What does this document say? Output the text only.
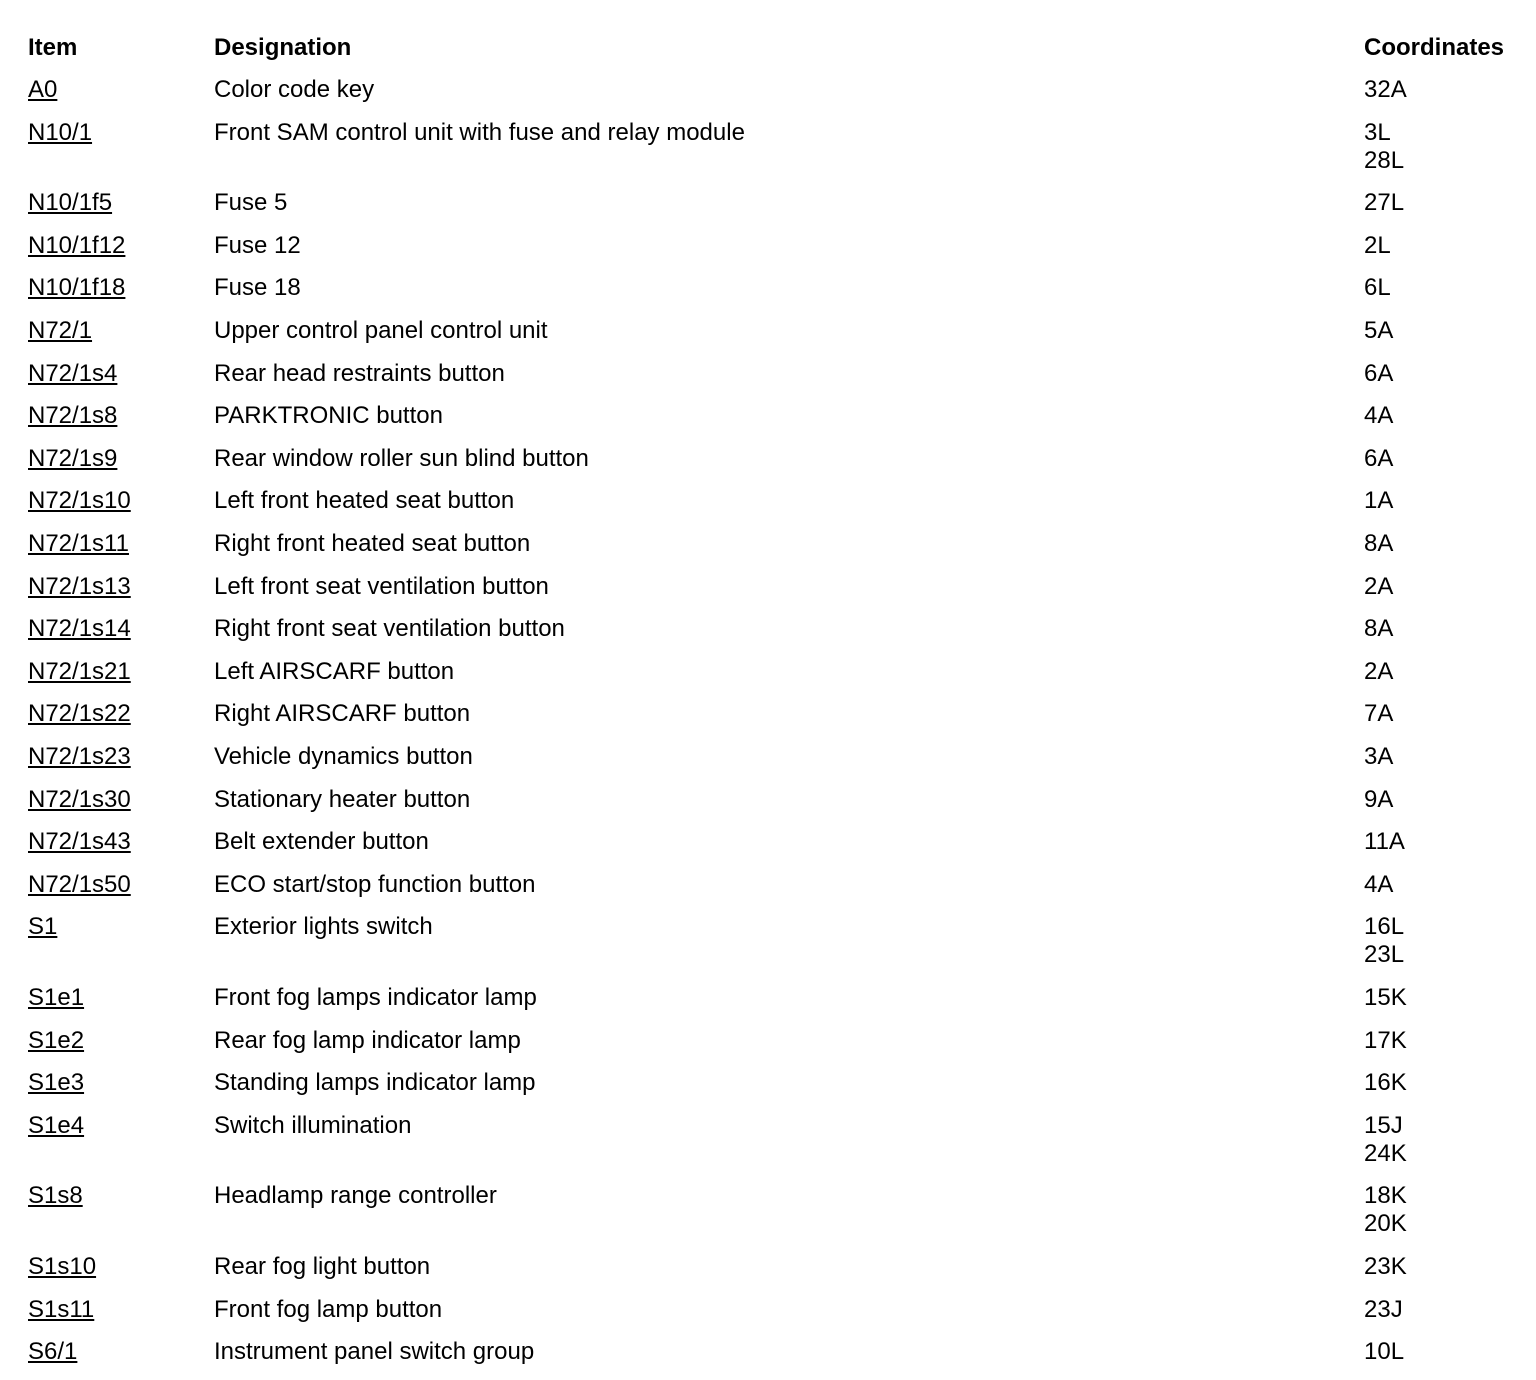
Item	Designation	Coordinates
A0	Color code key	32A
N10/1	Front SAM control unit with fuse and relay module	3L
28L
N10/1f5	Fuse 5	27L
N10/1f12	Fuse 12	2L
N10/1f18	Fuse 18	6L
N72/1	Upper control panel control unit	5A
N72/1s4	Rear head restraints button	6A
N72/1s8	PARKTRONIC button	4A
N72/1s9	Rear window roller sun blind button	6A
N72/1s10	Left front heated seat button	1A
N72/1s11	Right front heated seat button	8A
N72/1s13	Left front seat ventilation button	2A
N72/1s14	Right front seat ventilation button	8A
N72/1s21	Left AIRSCARF button	2A
N72/1s22	Right AIRSCARF button	7A
N72/1s23	Vehicle dynamics button	3A
N72/1s30	Stationary heater button	9A
N72/1s43	Belt extender button	11A
N72/1s50	ECO start/stop function button	4A
S1	Exterior lights switch	16L
23L
S1e1	Front fog lamps indicator lamp	15K
S1e2	Rear fog lamp indicator lamp	17K
S1e3	Standing lamps indicator lamp	16K
S1e4	Switch illumination	15J
24K
S1s8	Headlamp range controller	18K
20K
S1s10	Rear fog light button	23K
S1s11	Front fog lamp button	23J
S6/1	Instrument panel switch group	10L
